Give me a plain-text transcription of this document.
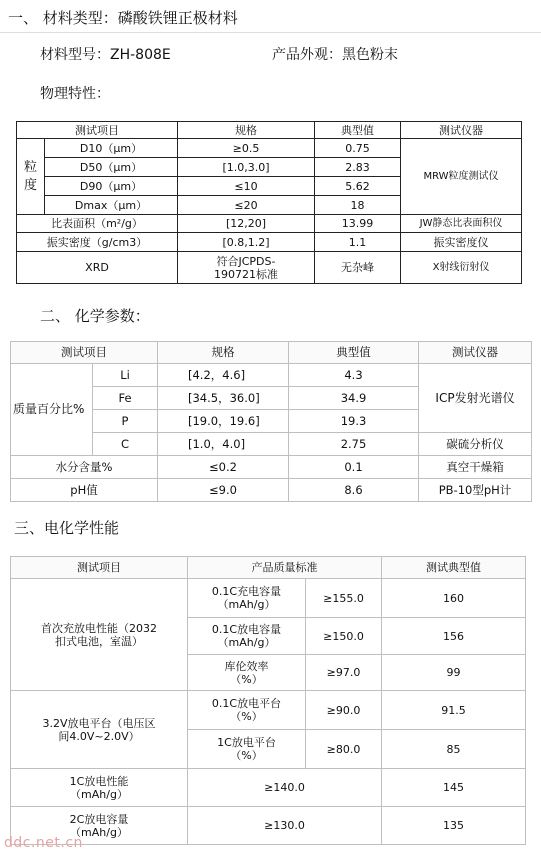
一、 材料类型：磷酸铁锂正极材料
材料型号：ZH-808E	产品外观：黑色粉末
物理特性：
测试项目		规格	典型值	测试仪器
粒度	D10（μm）	≥0.5	0.75	MRW粒度测试仪
	D50（μm）	[1.0,3.0]	2.83	
	D90（μm）	≤10	5.62	
	Dmax（μm）	≤20	18	
比表面积（m²/g）		[12,20]	13.99	JW静态比表面积仪
振实密度（g/cm3）		[0.8,1.2]	1.1	振实密度仪
XRD		符合JCPDS-190721标准	无杂峰	X射线衍射仪
二、 化学参数：
测试项目		规格	典型值	测试仪器
质量百分比%	Li	[4.2，4.6]	4.3	ICP发射光谱仪
	Fe	[34.5，36.0]	34.9	
	P	[19.0，19.6]	19.3	
	C	[1.0，4.0]	2.75	碳硫分析仪
水分含量%		≤0.2	0.1	真空干燥箱
pH值		≤9.0	8.6	PB-10型pH计
三、电化学性能
测试项目	产品质量标准		测试典型值
首次充放电性能（2032扣式电池，室温）	0.1C充电容量（mAh/g）	≥155.0	160
	0.1C放电容量（mAh/g）	≥150.0	156
	库伦效率（%）	≥97.0	99
3.2V放电平台（电压区间4.0V~2.0V）	0.1C放电平台（%）	≥90.0	91.5
	1C放电平台（%）	≥80.0	85
1C放电性能（mAh/g）	≥140.0		145
2C放电容量（mAh/g）	≥130.0		135
ddc.net.cn
